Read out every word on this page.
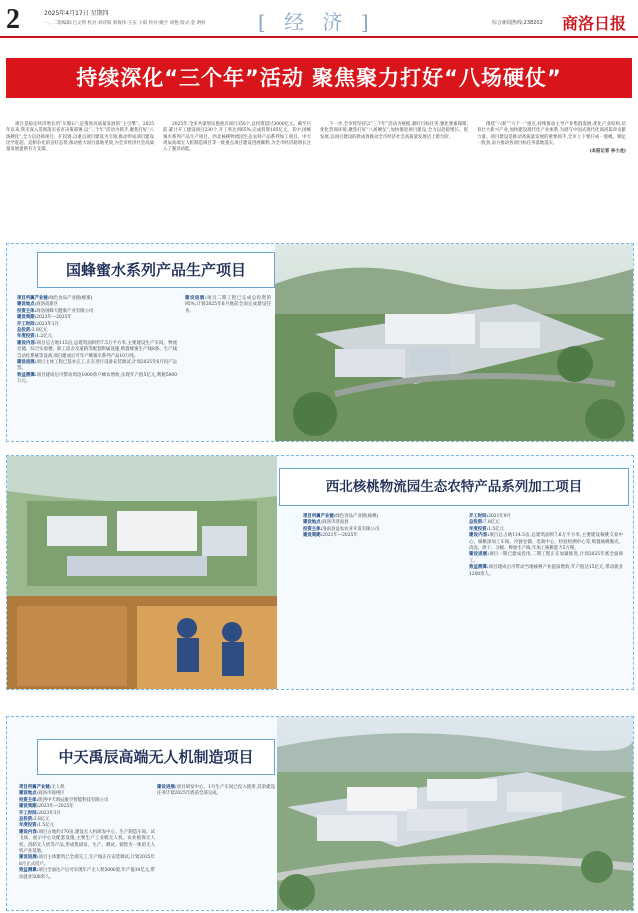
2	2025年4月17日 星期四
一、二版编辑:吕文利 校对:刘诗阳 新媒体:王玄 卜阳 校对:姚宇 胡艳 版式:金 明校	[ 经 济 ]	综合新闻热线:238202 商洛日报
持续深化“三个年”活动 聚焦聚力打好“八场硬仗”

项目是稳定经济增长的“压舱石”,是推进高质量发展的“主引擎”。2025年以来,我市深入贯彻落实省市决策部署,以“三个年”活动为抓手,聚焦打好“八场硬仗”,全力以赴抓项目、扩投资,以重点项目建设为引领,推动形成项目建设比学赶超、竞相争先的良好态势,推动重大项目落地见效,为全市经济社会高质量发展提供有力支撑。

2025年,全市共谋划实施重点项目350个,总投资超过3000亿元。截至目前,累计开工建设项目230个,开工率达到65%,完成投资185亿元。其中,国蜂蜜水系列产品生产项目、西北核桃物流园生态农特产品系列加工项目、中天禹辰高端无人机制造项目等一批重点项目建设进展顺利,为全市经济稳增长注入了强劲动能。

下一步,全市将坚持以“三个年”活动为统揽,紧盯目标任务,强化要素保障,优化营商环境,聚焦打好“八场硬仗”,加快推进项目建设,全力以赴稳增长、促发展,以项目建设的新成效推动全市经济社会高质量发展迈上新台阶。

围绕“六新”“六个一”重点,持续推动主导产业集群发展,优化产业结构,培育壮大新兴产业,加快建设现代化产业体系,为谱写中国式现代化商洛篇章贡献力量。项目建设是推动高质量发展的重要抓手,全市上下要拧成一股绳、铆足一股劲,奋力推动各项目标任务落地落实。

(本报记者 李小龙)

国蜂蜜水系列产品生产项目

项目所属产业链:绿色食品产业链(蜂蜜)

建设地点:商洛高新区

投资主体:商洛国蜂天健康产业有限公司

建设周期:2023年—2025年

开工时间:2023年1月

总投资:3.8亿元

年度投资:1.2亿元

建设内容:项目总占地115亩,总建筑面积约7.5万平方米,主要建设生产车间、物流仓储、综合实验楼、职工宿舍及道路等配套附属设施,购置蜂蜜生产线8条、生产线自动化系统等设备,项目建成后可年产蜂蜜水系列产品10万吨。

建设进展:项目主体工程已基本完工,正在进行设备安装调试,计划2025年6月投产运营。

效益测算:项目建成后可带动周边1000余户蜂农增收,实现年产值5亿元,利税5000万元。

建设进展:项目二期工程已完成总投资的95%,计划2025年6月底前全面完成建设任务。

西北核桃物流园生态农特产品系列加工项目

项目所属产业链:绿色食品产业链(核桃)

建设地点:商洛市洛南县

投资主体:洛南县益农农业开发有限公司

建设周期:2021年—2025年

开工时间:2021年9月

总投资:7.8亿元

年度投资:1.5亿元

建设内容:项目总占地114.5亩,总建筑面积7.6万平方米,主要建设核桃交易中心、核桃深加工车间、冷链仓储、电商中心、检验检测中心等,购置核桃脱壳、清洗、烘干、分级、榨油生产线,年加工核桃能力5万吨。

建设进展:项目一期已建成投用,二期工程正在加紧推进,计划2025年底全面竣工。

效益测算:项目建成后可带动当地核桃产业提质增效,年产值达15亿元,带动就业1200余人。

中天禹辰高端无人机制造项目

项目所属产业链:无人机

建设地点:商洛市商州区

投资主体:陕西中天禹辰航空智能科技有限公司

建设周期:2023年—2025年

开工时间:2023年3月

总投资:3.8亿元

年度投资:1.5亿元

建设内容:项目占地约170亩,建设无人机研发中心、生产制造车间、试飞场、展示中心及配套设施,主要生产工业级无人机、农业植保无人机、消防无人机等产品,形成集研发、生产、测试、销售为一体的无人机产业基地。

建设进展:项目主体建筑已全部完工,生产线正在安装调试,计划2025年8月正式投产。

效益测算:项目全面达产后可实现年产无人机5000架,年产值10亿元,带动就业500余人。

建设进展:项目研发中心、1号生产车间已投入使用,其余建设任务计划2025年底前全部完成。
